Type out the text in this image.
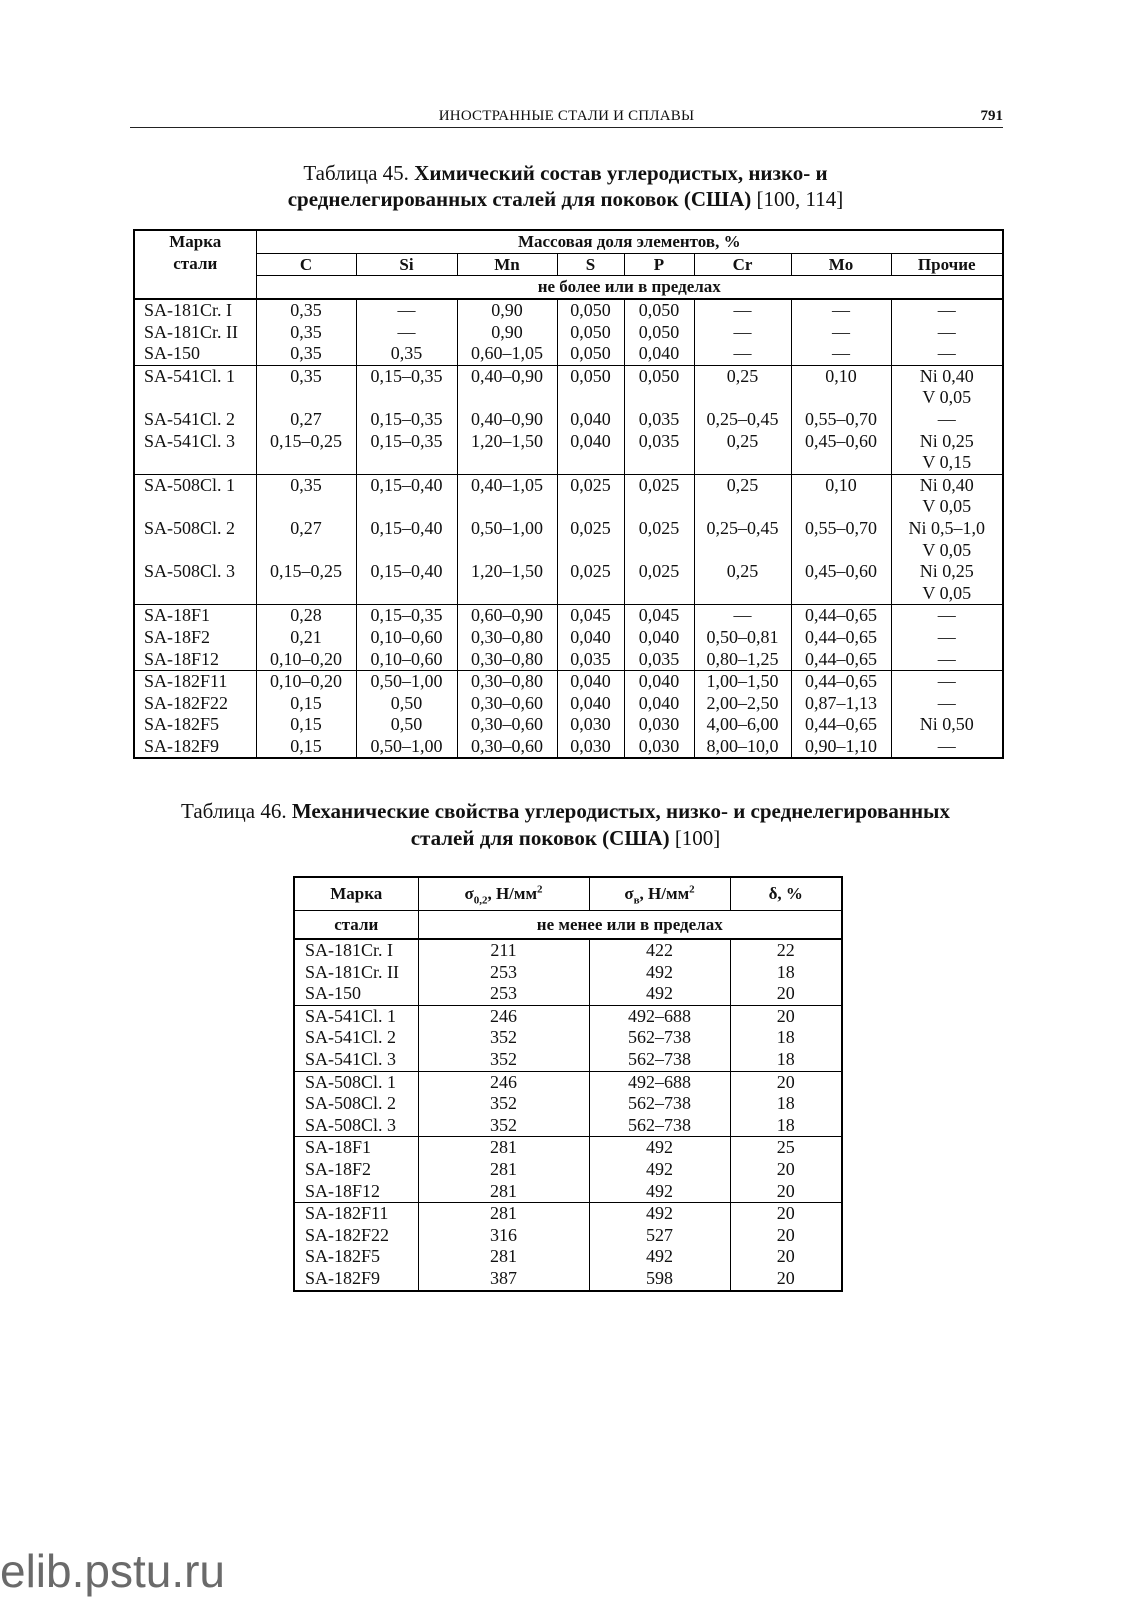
ИНОСТРАННЫЕ СТАЛИ И СПЛАВЫ	791
Таблица 45. Химический состав углеродистых, низко- и
среднелегированных сталей для поковок (США) [100, 114]
Марка
стали	Массовая доля элементов, %							
	C	Si	Mn	S	P	Cr	Mo	Прочие
	не более или в пределах							
SA-181Cr. I	0,35	—	0,90	0,050	0,050	—	—	—

SA-181Cr. II	0,35	—	0,90	0,050	0,050	—	—	—

SA-150	0,35	0,35	0,60–1,05	0,050	0,040	—	—	—

SA-541Cl. 1	0,35	0,15–0,35	0,40–0,90	0,050	0,050	0,25	0,10	Ni 0,40
V 0,05

SA-541Cl. 2	0,27	0,15–0,35	0,40–0,90	0,040	0,035	0,25–0,45	0,55–0,70	—

SA-541Cl. 3	0,15–0,25	0,15–0,35	1,20–1,50	0,040	0,035	0,25	0,45–0,60	Ni 0,25
V 0,15

SA-508Cl. 1	0,35	0,15–0,40	0,40–1,05	0,025	0,025	0,25	0,10	Ni 0,40
V 0,05

SA-508Cl. 2	0,27	0,15–0,40	0,50–1,00	0,025	0,025	0,25–0,45	0,55–0,70	Ni 0,5–1,0
V 0,05

SA-508Cl. 3	0,15–0,25	0,15–0,40	1,20–1,50	0,025	0,025	0,25	0,45–0,60	Ni 0,25
V 0,05

SA-18F1	0,28	0,15–0,35	0,60–0,90	0,045	0,045	—	0,44–0,65	—

SA-18F2	0,21	0,10–0,60	0,30–0,80	0,040	0,040	0,50–0,81	0,44–0,65	—

SA-18F12	0,10–0,20	0,10–0,60	0,30–0,80	0,035	0,035	0,80–1,25	0,44–0,65	—

SA-182F11	0,10–0,20	0,50–1,00	0,30–0,80	0,040	0,040	1,00–1,50	0,44–0,65	—

SA-182F22	0,15	0,50	0,30–0,60	0,040	0,040	2,00–2,50	0,87–1,13	—

SA-182F5	0,15	0,50	0,30–0,60	0,030	0,030	4,00–6,00	0,44–0,65	Ni 0,50

SA-182F9	0,15	0,50–1,00	0,30–0,60	0,030	0,030	8,00–10,0	0,90–1,10	—
Таблица 46. Механические свойства углеродистых, низко- и среднелегированных
сталей для поковок (США) [100]
Марка	$\sigma_{0,2}$, $Н/мм^2$	$\sigma_в$, $Н/мм^2$	δ, %
стали	не менее или в пределах		
SA-181Cr. I	211	422	22
SA-181Cr. II	253	492	18
SA-150	253	492	20
SA-541Cl. 1	246	492–688	20
SA-541Cl. 2	352	562–738	18
SA-541Cl. 3	352	562–738	18
SA-508Cl. 1	246	492–688	20
SA-508Cl. 2	352	562–738	18
SA-508Cl. 3	352	562–738	18
SA-18F1	281	492	25
SA-18F2	281	492	20
SA-18F12	281	492	20
SA-182F11	281	492	20
SA-182F22	316	527	20
SA-182F5	281	492	20
SA-182F9	387	598	20
elib.pstu.ru
